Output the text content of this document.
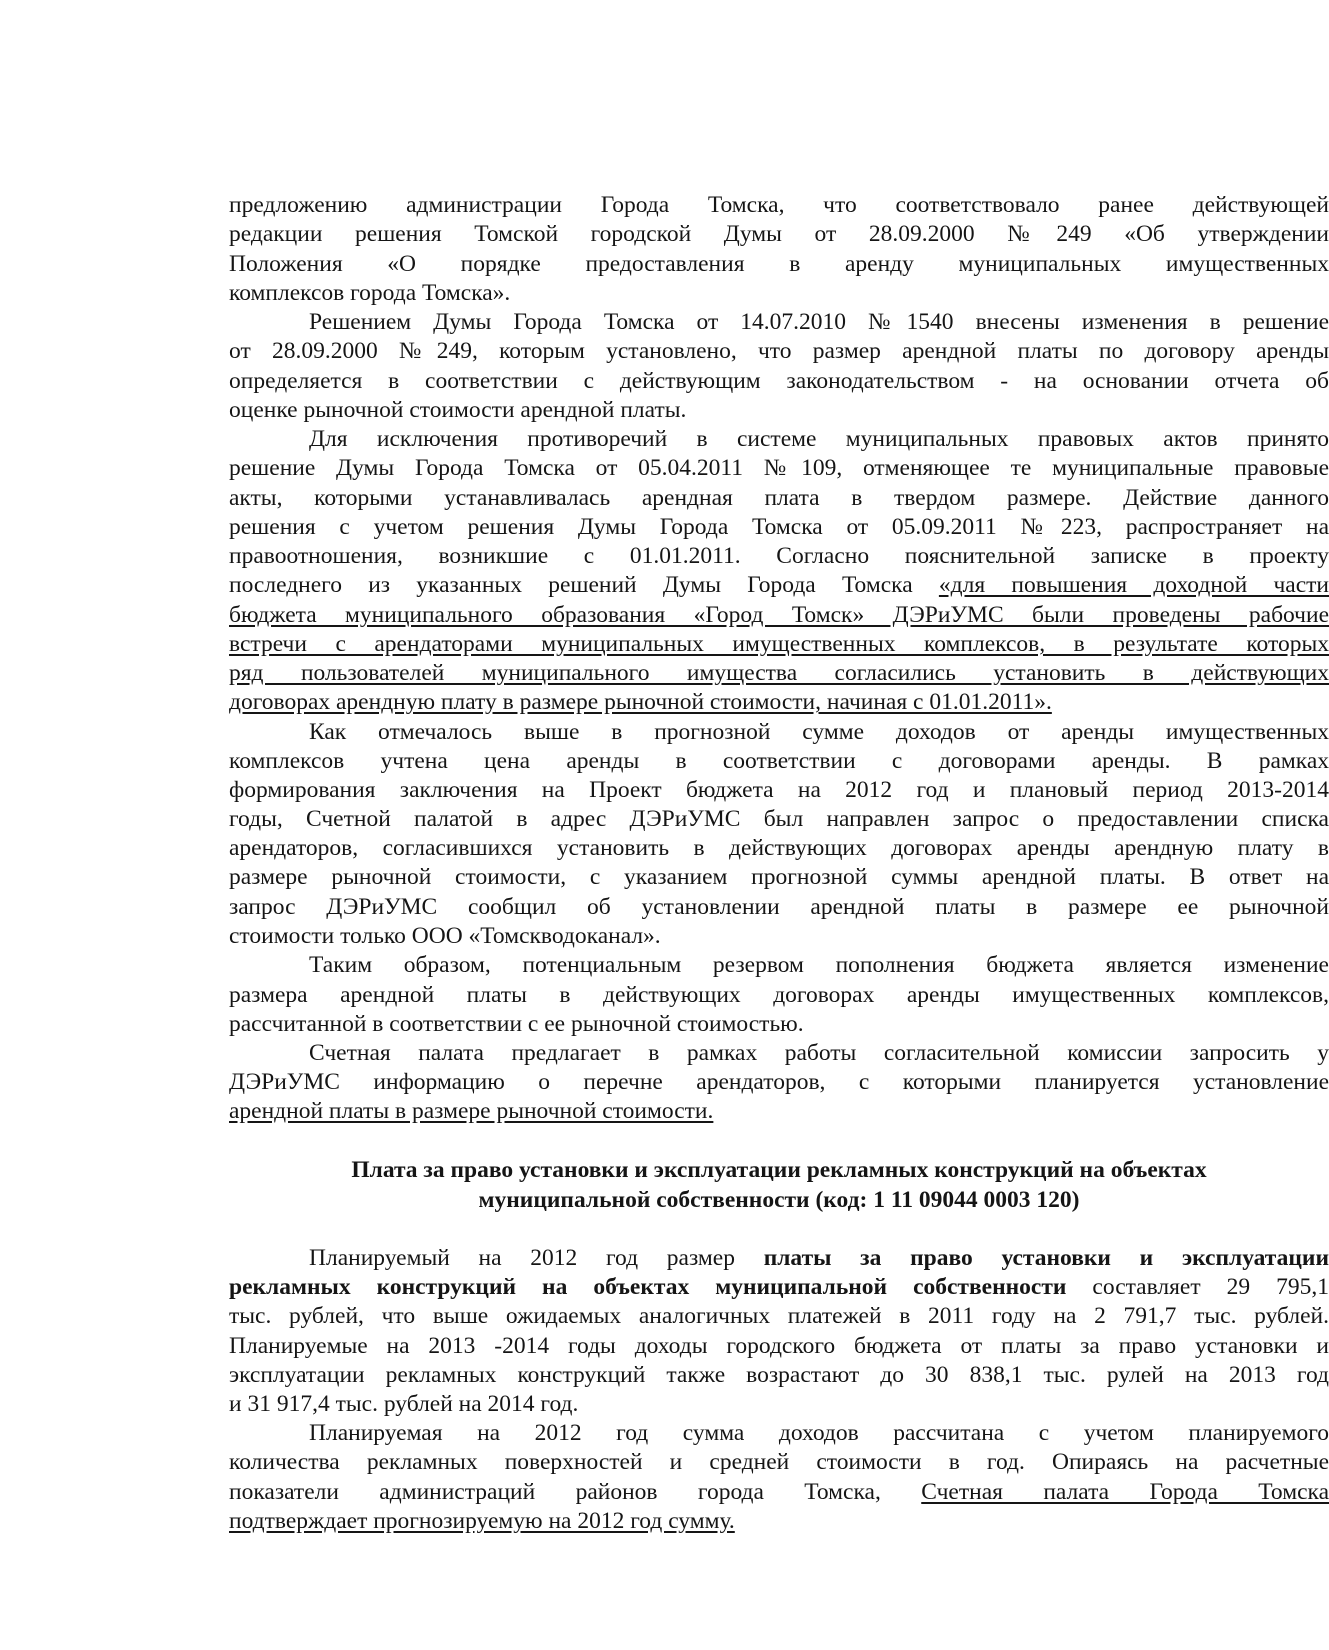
предложению администрации Города Томска, что соответствовало ранее действующей
редакции решения Томской городской Думы от 28.09.2000 №249 «Об утверждении
Положения «О порядке предоставления в аренду муниципальных имущественных
комплексов города Томска».
Решением Думы Города Томска от 14.07.2010 №1540 внесены изменения в решение
от 28.09.2000 №249, которым установлено, что размер арендной платы по договору аренды
определяется в соответствии с действующим законодательством - на основании отчета об
оценке рыночной стоимости арендной платы.
Для исключения противоречий в системе муниципальных правовых актов принято
решение Думы Города Томска от 05.04.2011 №109, отменяющее те муниципальные правовые
акты, которыми устанавливалась арендная плата в твердом размере. Действие данного
решения с учетом решения Думы Города Томска от 05.09.2011 №223, распространяет на
правоотношения, возникшие с 01.01.2011. Согласно пояснительной записке в проекту
последнего из указанных решений Думы Города Томска «для повышения доходной части
бюджета муниципального образования «Город Томск» ДЭРиУМС были проведены рабочие
встречи с арендаторами муниципальных имущественных комплексов, в результате которых
ряд пользователей муниципального имущества согласились установить в действующих
договорах арендную плату в размере рыночной стоимости, начиная с 01.01.2011».
Как отмечалось выше в прогнозной сумме доходов от аренды имущественных
комплексов учтена цена аренды в соответствии с договорами аренды. В рамках
формирования заключения на Проект бюджета на 2012 год и плановый период 2013-2014
годы, Счетной палатой в адрес ДЭРиУМС был направлен запрос о предоставлении списка
арендаторов, согласившихся установить в действующих договорах аренды арендную плату в
размере рыночной стоимости, с указанием прогнозной суммы арендной платы. В ответ на
запрос ДЭРиУМС сообщил об установлении арендной платы в размере ее рыночной
стоимости только ООО «Томскводоканал».
Таким образом, потенциальным резервом пополнения бюджета является изменение
размера арендной платы в действующих договорах аренды имущественных комплексов,
рассчитанной в соответствии с ее рыночной стоимостью.
Счетная палата предлагает в рамках работы согласительной комиссии запросить у
ДЭРиУМС информацию о перечне арендаторов, с которыми планируется установление
арендной платы в размере рыночной стоимости.
Плата за право установки и эксплуатации рекламных конструкций на объектах
муниципальной собственности (код: 1 11 09044 0003 120)
Планируемый на 2012 год размер платы за право установки и эксплуатации
рекламных конструкций на объектах муниципальной собственности составляет 29 795,1
тыс. рублей, что выше ожидаемых аналогичных платежей в 2011 году на 2 791,7 тыс. рублей.
Планируемые на 2013 -2014 годы доходы городского бюджета от платы за право установки и
эксплуатации рекламных конструкций также возрастают до 30 838,1 тыс. рулей на 2013 год
и 31 917,4 тыс. рублей на 2014 год.
Планируемая на 2012 год сумма доходов рассчитана с учетом планируемого
количества рекламных поверхностей и средней стоимости в год. Опираясь на расчетные
показатели администраций районов города Томска, Счетная палата Города Томска
подтверждает прогнозируемую на 2012 год сумму.
